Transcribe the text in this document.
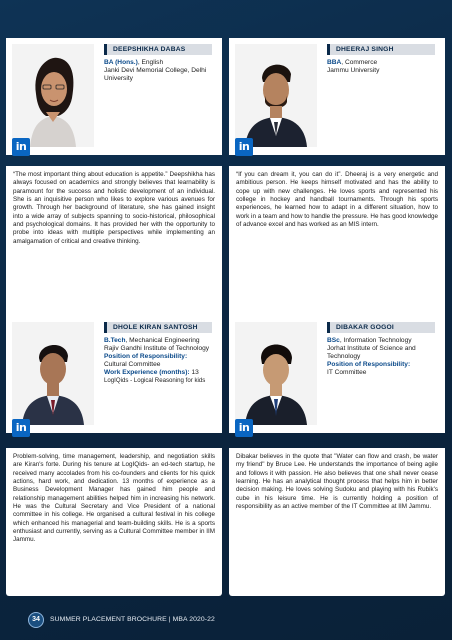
DEEPSHIKHA DABAS
BA (Hons.), English
Janki Devi Memorial College, Delhi University
in
“The most important thing about education is appetite.” Deepshikha has always focused on academics and strongly believes that learnability is paramount for the success and holistic development of an individual. She is an inquisitive person who likes to explore various avenues for growth. Through her background of literature, she has gained insight into a wide array of subjects spanning to socio-historical, philosophical and psychological domains. It has provided her with the opportunity to probe into ideas with multiple perspectives while implementing an amalgamation of critical and creative thinking.
DHEERAJ SINGH
BBA, Commerce
Jammu University
in
“If you can dream it, you can do it”. Dheeraj is a very energetic and ambitious person. He keeps himself motivated and has the ability to cope up with new challenges. He loves sports and represented his college in hockey and handball tournaments. Through his sports experiences, he learned how to adapt in a different situation, how to work in a team and how to handle the pressure. He has good knowledge of advance excel and has worked as an MIS intern.
DHOLE KIRAN SANTOSH
B.Tech, Mechanical Engineering
Rajiv Gandhi Institute of Technology
Position of Responsibility:
Cultural Committee
Work Experience (months): 13
LogIQids - Logical Reasoning for kids
in
Problem-solving, time management, leadership, and negotiation skills are Kiran's forte. During his tenure at LogIQids- an ed-tech startup, he received many accolades from his co-founders and clients for his quick actions, hard work, and dedication. 13 months of experience as a Business Development Manager has gained him people and relationship management abilities helped him in increasing his network. He was the Cultural Secretary and Vice President of a national committee in his college. He organised a cultural festival in his college which enhanced his managerial and team-building skills. He is a sports enthusiast and currently, serving as a Cultural Committee member in IIM Jammu.
DIBAKAR GOGOI
BSc, Information Technology
Jorhat Institute of Science and Technology
Position of Responsibility:
IT Committee
in
Dibakar believes in the quote that "Water can flow and crash, be water my friend" by Bruce Lee. He understands the importance of being agile and follows it with passion. He also believes that one shall never cease learning. He has an analytical thought process that helps him in better decision making. He loves solving Sudoku and playing with his Rubik's cube in his leisure time. He is currently holding a position of responsibility as an active member of the IT Committee at IIM Jammu.
34	SUMMER PLACEMENT BROCHURE | MBA 2020-22
